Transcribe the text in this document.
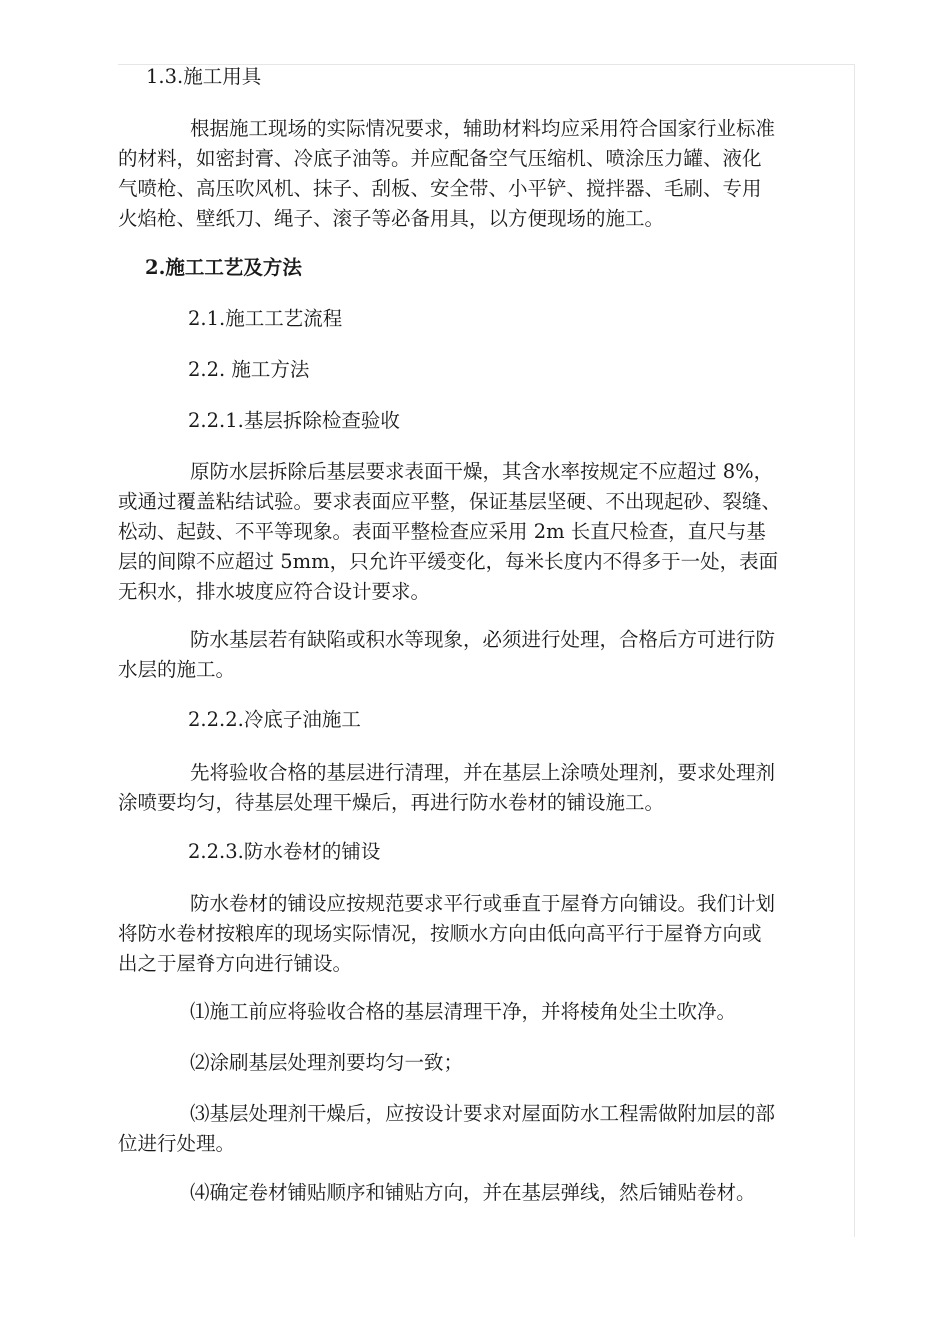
1.3.施工用具
根据施工现场的实际情况要求，辅助材料均应采用符合国家行业标准
的材料，如密封膏、冷底子油等。并应配备空气压缩机、喷涂压力罐、液化
气喷枪、高压吹风机、抹子、刮板、安全带、小平铲、搅拌器、毛刷、专用
火焰枪、壁纸刀、绳子、滚子等必备用具，以方便现场的施工。
2.施工工艺及方法
2.1.施工工艺流程
2.2. 施工方法
2.2.1.基层拆除检查验收
原防水层拆除后基层要求表面干燥，其含水率按规定不应超过 8%，
或通过覆盖粘结试验。要求表面应平整，保证基层坚硬、不出现起砂、裂缝、
松动、起鼓、不平等现象。表面平整检查应采用 2m 长直尺检查，直尺与基
层的间隙不应超过 5mm，只允许平缓变化，每米长度内不得多于一处，表面
无积水，排水坡度应符合设计要求。
防水基层若有缺陷或积水等现象，必须进行处理，合格后方可进行防
水层的施工。
2.2.2.冷底子油施工
先将验收合格的基层进行清理，并在基层上涂喷处理剂，要求处理剂
涂喷要均匀，待基层处理干燥后，再进行防水卷材的铺设施工。
2.2.3.防水卷材的铺设
防水卷材的铺设应按规范要求平行或垂直于屋脊方向铺设。我们计划
将防水卷材按粮库的现场实际情况，按顺水方向由低向高平行于屋脊方向或
出之于屋脊方向进行铺设。
⑴施工前应将验收合格的基层清理干净，并将棱角处尘土吹净。
⑵涂刷基层处理剂要均匀一致；
⑶基层处理剂干燥后，应按设计要求对屋面防水工程需做附加层的部
位进行处理。
⑷确定卷材铺贴顺序和铺贴方向，并在基层弹线，然后铺贴卷材。
